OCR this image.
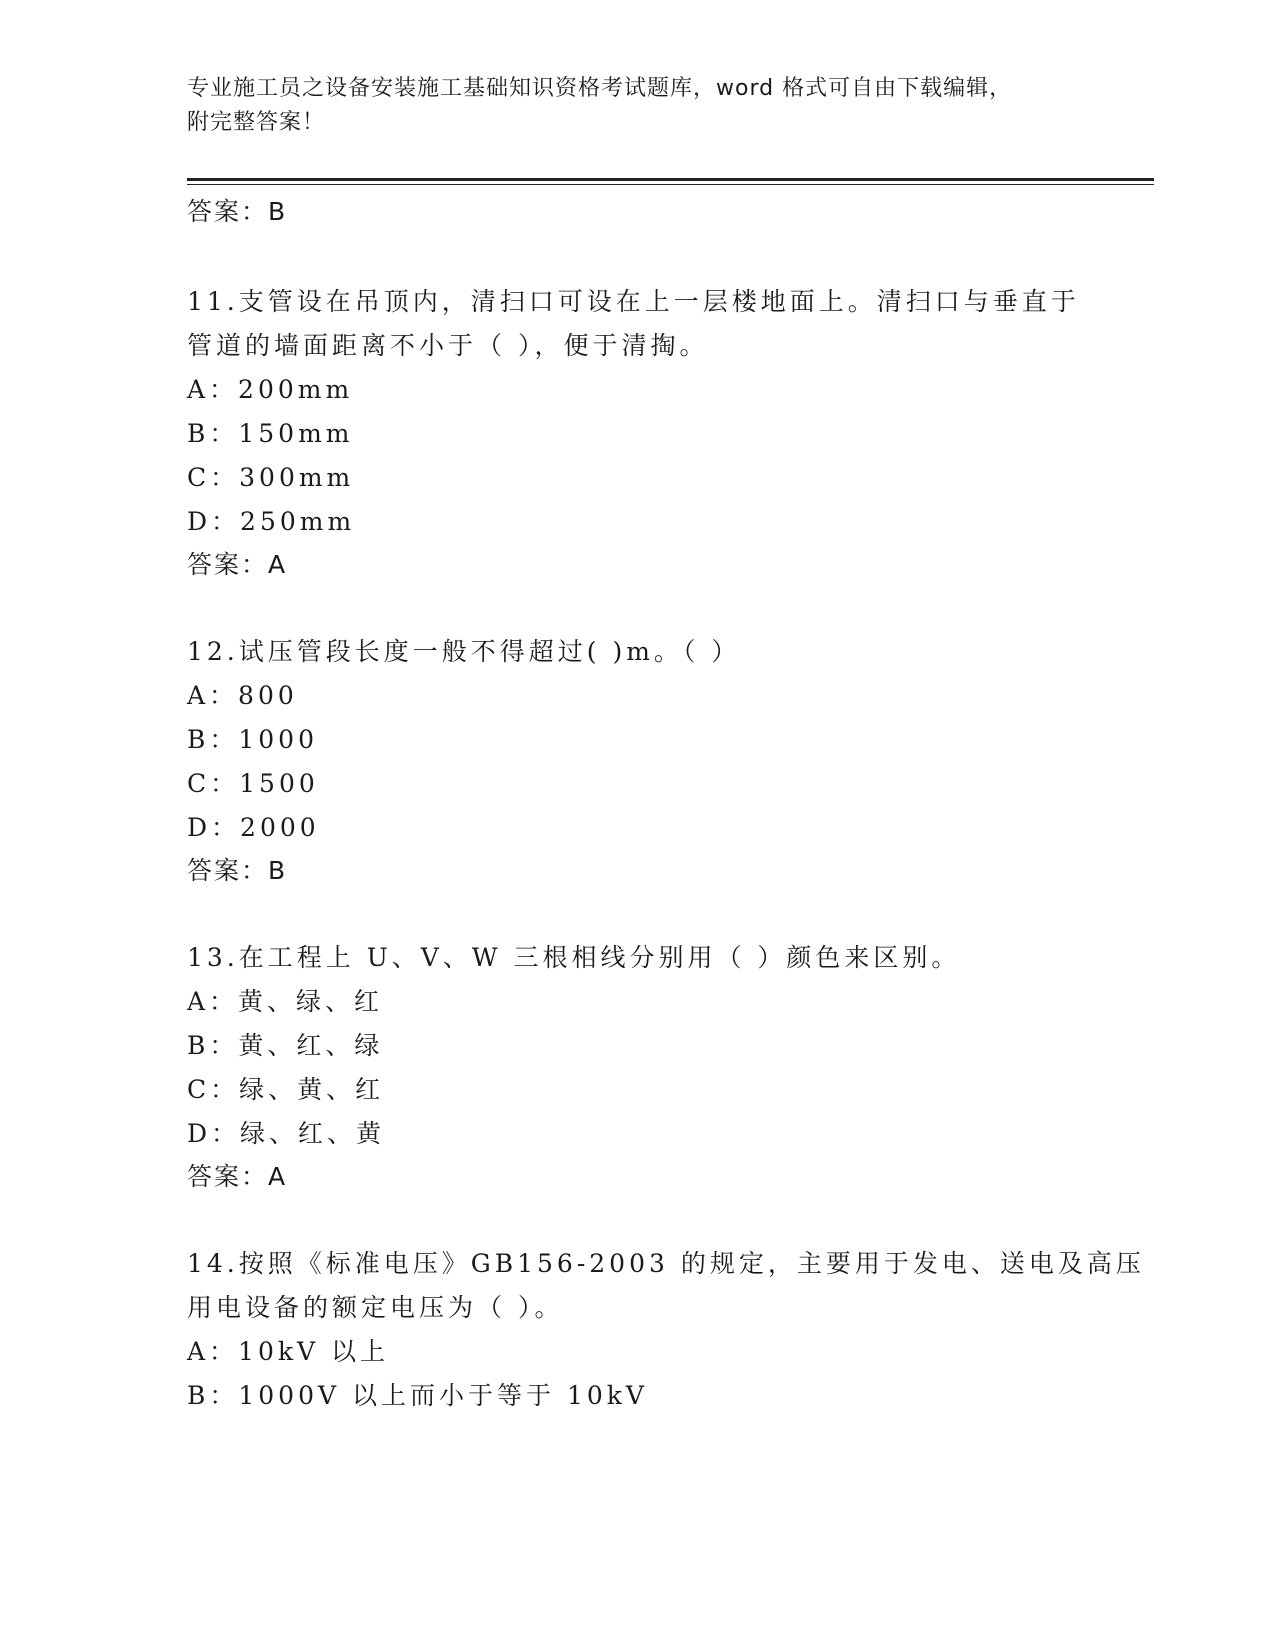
专业施工员之设备安装施工基础知识资格考试题库，word 格式可自由下载编辑，
附完整答案！
答案：B
11.支管设在吊顶内，清扫口可设在上一层楼地面上。清扫口与垂直于
管道的墙面距离不小于（ ），便于清掏。
A：200mm
B：150mm
C：300mm
D：250mm
答案：A
12.试压管段长度一般不得超过( )m。（ ）
A：800
B：1000
C：1500
D：2000
答案：B
13.在工程上 U、V、W 三根相线分别用（ ）颜色来区别。
A：黄、绿、红
B：黄、红、绿
C：绿、黄、红
D：绿、红、黄
答案：A
14.按照《标准电压》GB156-2003 的规定，主要用于发电、送电及高压
用电设备的额定电压为（ ）。
A：10kV 以上
B：1000V 以上而小于等于 10kV
